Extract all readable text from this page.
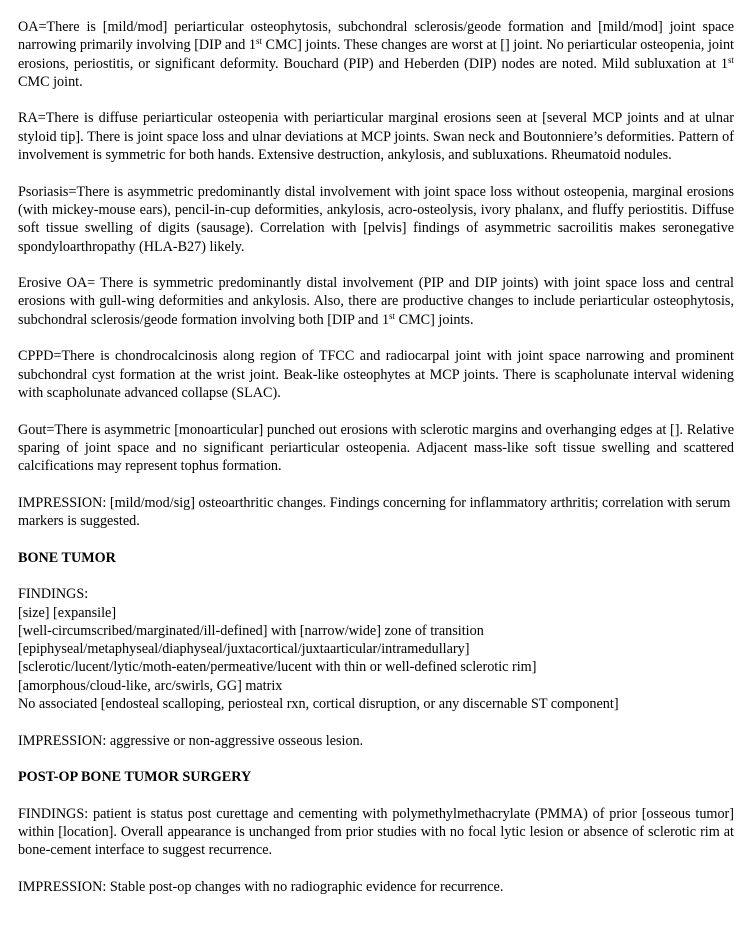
OA=There is [mild/mod] periarticular osteophytosis, subchondral sclerosis/geode formation and [mild/mod] joint space narrowing primarily involving [DIP and 1st CMC] joints. These changes are worst at [] joint. No periarticular osteopenia, joint erosions, periostitis, or significant deformity. Bouchard (PIP) and Heberden (DIP) nodes are noted. Mild subluxation at 1st CMC joint.

RA=There is diffuse periarticular osteopenia with periarticular marginal erosions seen at [several MCP joints and at ulnar styloid tip]. There is joint space loss and ulnar deviations at MCP joints. Swan neck and Boutonniere’s deformities. Pattern of involvement is symmetric for both hands. Extensive destruction, ankylosis, and subluxations. Rheumatoid nodules.

Psoriasis=There is asymmetric predominantly distal involvement with joint space loss without osteopenia, marginal erosions (with mickey-mouse ears), pencil-in-cup deformities, ankylosis, acro-osteolysis, ivory phalanx, and fluffy periostitis. Diffuse soft tissue swelling of digits (sausage). Correlation with [pelvis] findings of asymmetric sacroilitis makes seronegative spondyloarthropathy (HLA-B27) likely.

Erosive OA= There is symmetric predominantly distal involvement (PIP and DIP joints) with joint space loss and central erosions with gull-wing deformities and ankylosis. Also, there are productive changes to include periarticular osteophytosis, subchondral sclerosis/geode formation involving both [DIP and 1st CMC] joints.

CPPD=There is chondrocalcinosis along region of TFCC and radiocarpal joint with joint space narrowing and prominent subchondral cyst formation at the wrist joint. Beak-like osteophytes at MCP joints. There is scapholunate interval widening with scapholunate advanced collapse (SLAC).

Gout=There is asymmetric [monoarticular] punched out erosions with sclerotic margins and overhanging edges at []. Relative sparing of joint space and no significant periarticular osteopenia. Adjacent mass-like soft tissue swelling and scattered calcifications may represent tophus formation.

IMPRESSION: [mild/mod/sig] osteoarthritic changes. Findings concerning for inflammatory arthritis; correlation with serum markers is suggested.

BONE TUMOR

FINDINGS:
[size] [expansile]
[well-circumscribed/marginated/ill-defined] with [narrow/wide] zone of transition
[epiphyseal/metaphyseal/diaphyseal/juxtacortical/juxtaarticular/intramedullary]
[sclerotic/lucent/lytic/moth-eaten/permeative/lucent with thin or well-defined sclerotic rim]
[amorphous/cloud-like, arc/swirls, GG] matrix
No associated [endosteal scalloping, periosteal rxn, cortical disruption, or any discernable ST component]

IMPRESSION: aggressive or non-aggressive osseous lesion.

POST-OP BONE TUMOR SURGERY

FINDINGS: patient is status post curettage and cementing with polymethylmethacrylate (PMMA) of prior [osseous tumor] within [location]. Overall appearance is unchanged from prior studies with no focal lytic lesion or absence of sclerotic rim at bone-cement interface to suggest recurrence.

IMPRESSION: Stable post-op changes with no radiographic evidence for recurrence.
